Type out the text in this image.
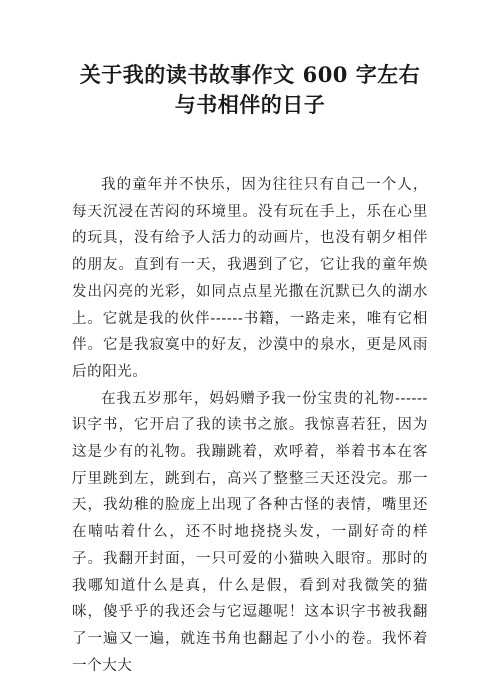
关于我的读书故事作文 600 字左右与书相伴的日子

我的童年并不快乐，因为往往只有自己一个人，每天沉浸在苦闷的环境里。没有玩在手上，乐在心里的玩具，没有给予人活力的动画片，也没有朝夕相伴的朋友。直到有一天，我遇到了它，它让我的童年焕发出闪亮的光彩，如同点点星光撒在沉默已久的湖水上。它就是我的伙伴------书籍，一路走来，唯有它相伴。它是我寂寞中的好友，沙漠中的泉水，更是风雨后的阳光。

在我五岁那年，妈妈赠予我一份宝贵的礼物------识字书，它开启了我的读书之旅。我惊喜若狂，因为这是少有的礼物。我蹦跳着，欢呼着，举着书本在客厅里跳到左，跳到右，高兴了整整三天还没完。那一天，我幼稚的脸庞上出现了各种古怪的表情，嘴里还在喃咕着什么，还不时地挠挠头发，一副好奇的样子。我翻开封面，一只可爱的小猫映入眼帘。那时的我哪知道什么是真，什么是假，看到对我微笑的猫咪，傻乎乎的我还会与它逗趣呢！这本识字书被我翻了一遍又一遍，就连书角也翻起了小小的卷。我怀着一个大大
